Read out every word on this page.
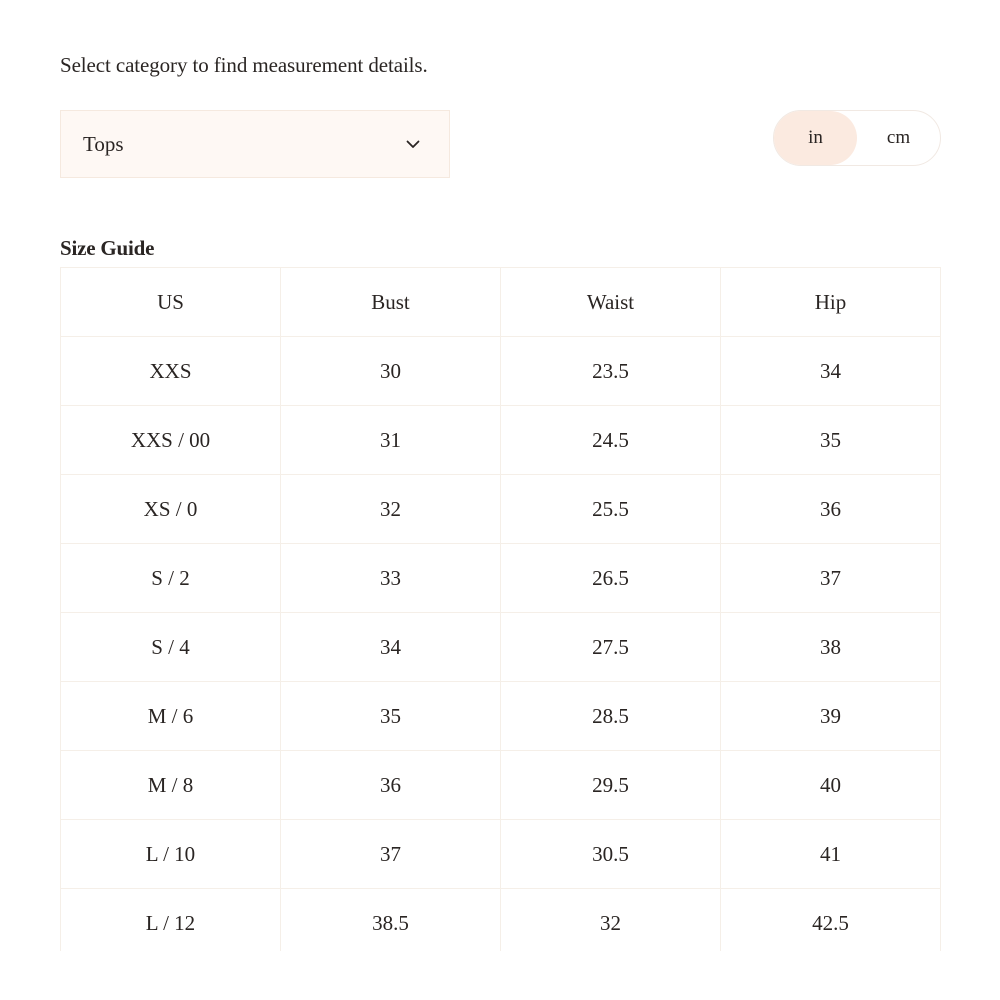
Select category to find measurement details.

Tops	in	cm
Size Guide
US	Bust	Waist	Hip
XXS	30	23.5	34
XXS / 00	31	24.5	35
XS / 0	32	25.5	36
S / 2	33	26.5	37
S / 4	34	27.5	38
M / 6	35	28.5	39
M / 8	36	29.5	40
L / 10	37	30.5	41
L / 12	38.5	32	42.5
